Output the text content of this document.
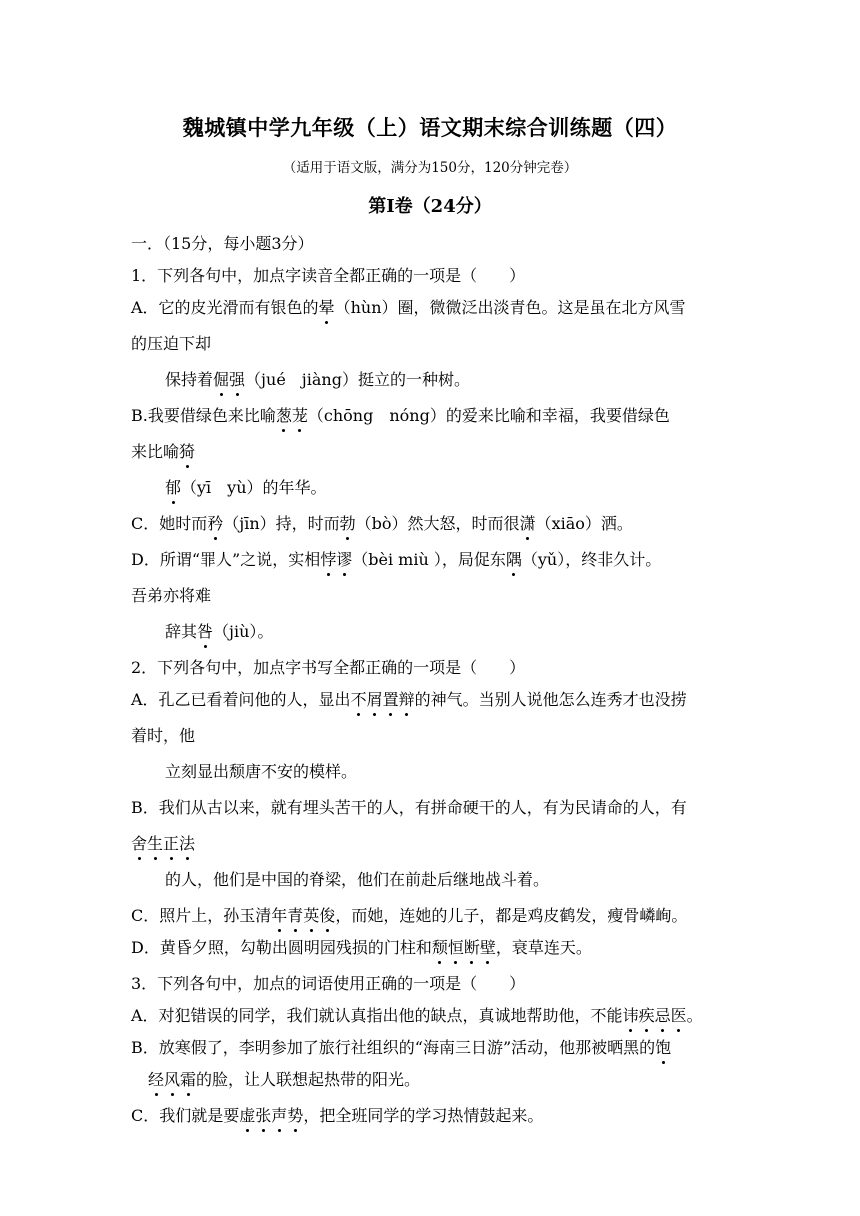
魏城镇中学九年级（上）语文期末综合训练题（四）
（适用于语文版，满分为150分，120分钟完卷）
第Ⅰ卷（24分）
一．（15分，每小题3分）
1．下列各句中，加点字读音全都正确的一项是（　　）
A．它的皮光滑而有银色的晕（hùn）圈，微微泛出淡青色。这是虽在北方风雪
的压迫下却
保持着倔强（jué　jiàng）挺立的一种树。
B.我要借绿色来比喻葱茏（chōng　nóng）的爱来比喻和幸福，我要借绿色
来比喻猗
郁（yī　yù）的年华。
C．她时而矜（jīn）持，时而勃（bò）然大怒，时而很潇（xiāo）洒。
D．所谓“罪人”之说，实相悖谬（bèi miù ），局促东隅（yǔ），终非久计。
吾弟亦将难
辞其咎（jiù）。
2．下列各句中，加点字书写全都正确的一项是（　　）
A．孔乙已看着问他的人，显出不屑置辩的神气。当别人说他怎么连秀才也没捞
着时，他
立刻显出颓唐不安的模样。
B．我们从古以来，就有埋头苦干的人，有拼命硬干的人，有为民请命的人，有
舍生正法
的人，他们是中国的脊梁，他们在前赴后继地战斗着。
C．照片上，孙玉清年青英俊，而她，连她的儿子，都是鸡皮鹤发，瘦骨嶙峋。
D．黄昏夕照，勾勒出圆明园残损的门柱和颓恒断壁，衰草连天。
3．下列各句中，加点的词语使用正确的一项是（　　）
A．对犯错误的同学，我们就认真指出他的缺点，真诚地帮助他，不能讳疾忌医。
B．放寒假了，李明参加了旅行社组织的“海南三日游”活动，他那被晒黑的饱
经风霜的脸，让人联想起热带的阳光。
C．我们就是要虚张声势，把全班同学的学习热情鼓起来。
